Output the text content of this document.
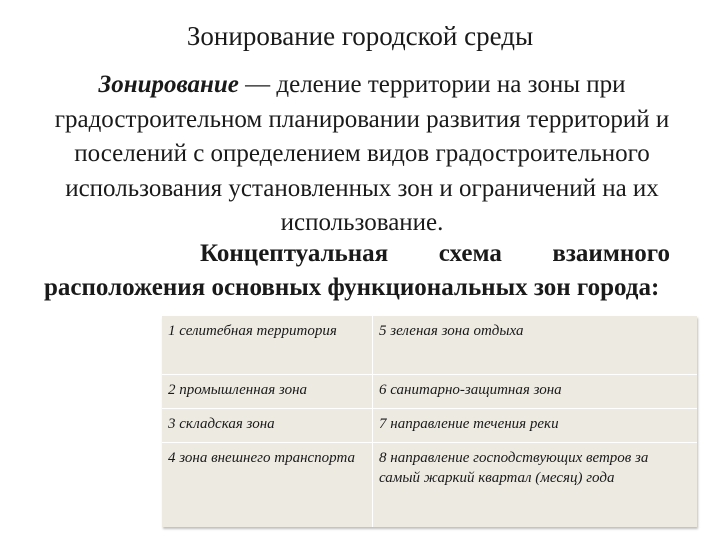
Зонирование городской среды
Зонирование — деление территории на зоны при градостроительном планировании развития территорий и поселений с определением видов градостроительного использования установленных зон и ограничений на их использование.
Концептуальная схема взаимного расположения основных функциональных зон города:
1 селитебная территория	5 зеленая зона отдыха
2 промышленная зона	6 санитарно-защитная зона
3 складская зона	7 направление течения реки
4 зона внешнего транспорта	8 направление господствующих ветров за самый жаркий квартал (месяц) года
